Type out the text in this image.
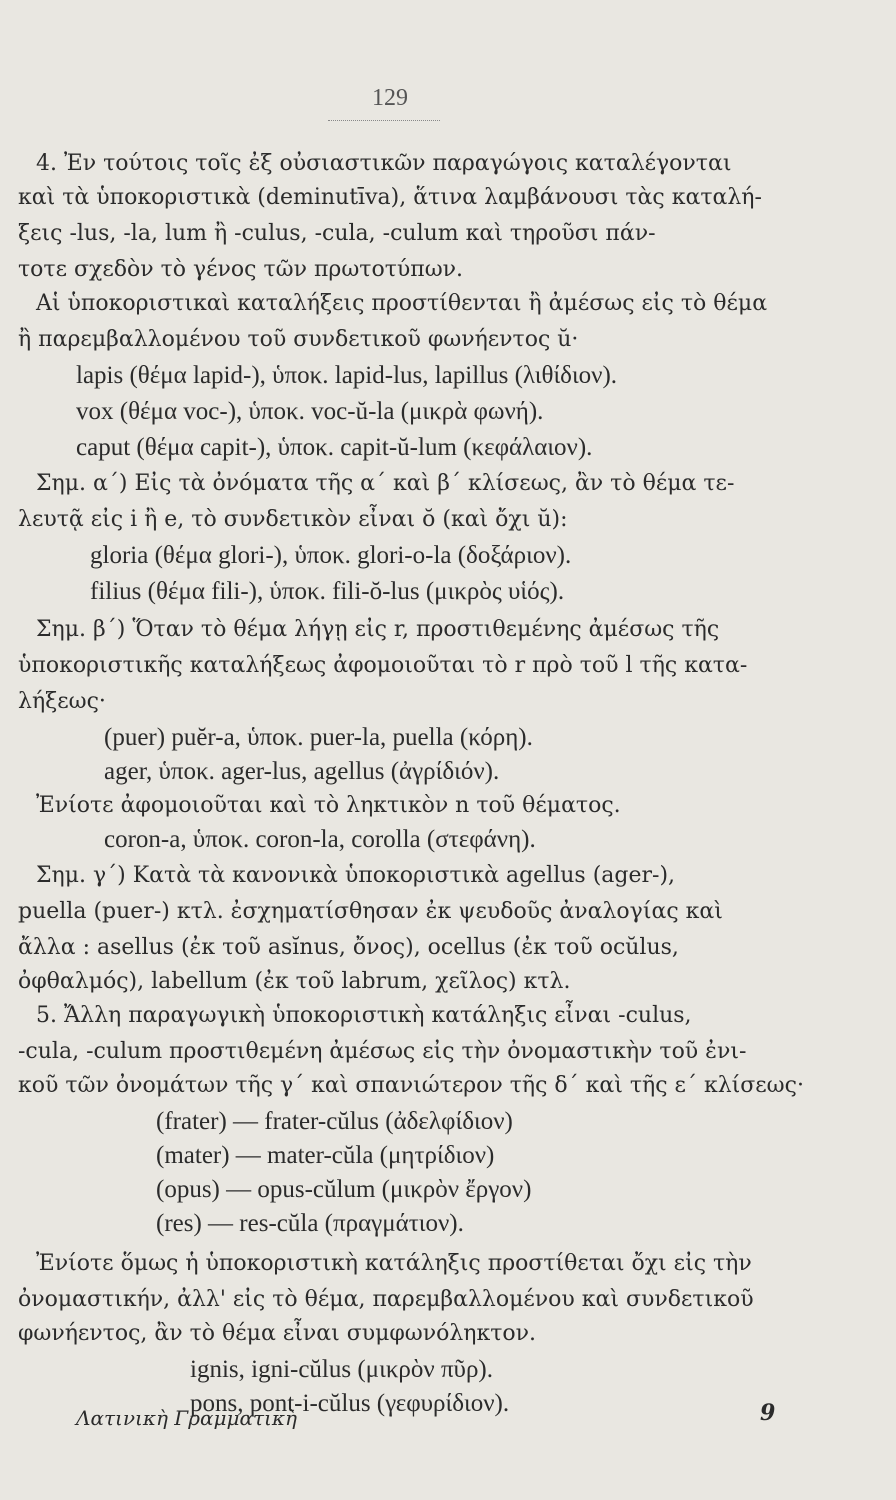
129
4. Ἐν τούτοις τοῖς ἐξ οὐσιαστικῶν παραγώγοις καταλέγονται
καὶ τὰ ὑποκοριστικὰ (deminutīva), ἅτινα λαμβάνουσι τὰς καταλή-
ξεις -lus, -la, lum ἢ -culus, -cula, -culum καὶ τηροῦσι πάν-
τοτε σχεδὸν τὸ γένος τῶν πρωτοτύπων.
Αἱ ὑποκοριστικαὶ καταλήξεις προστίθενται ἢ ἀμέσως εἰς τὸ θέμα
ἢ παρεμβαλλομένου τοῦ συνδετικοῦ φωνήεντος ŭ·
lapis (θέμα lapid-), ὑποκ. lapid-lus, lapillus (λιθίδιον).
vox (θέμα voc-), ὑποκ. voc-ŭ-la (μικρὰ φωνή).
caput (θέμα capit-), ὑποκ. capit-ŭ-lum (κεφάλαιον).
Σημ. α΄) Εἰς τὰ ὀνόματα τῆς α΄ καὶ β΄ κλίσεως, ἂν τὸ θέμα τε-
λευτᾷ εἰς i ἢ e, τὸ συνδετικὸν εἶναι ŏ (καὶ ὄχι ŭ):
gloria (θέμα glori-), ὑποκ. glori-o-la (δοξάριον).
filius (θέμα fili-), ὑποκ. fili-ŏ-lus (μικρὸς υἱός).
Σημ. β΄) Ὅταν τὸ θέμα λήγῃ εἰς r, προστιθεμένης ἀμέσως τῆς
ὑποκοριστικῆς καταλήξεως ἀφομοιοῦται τὸ r πρὸ τοῦ l τῆς κατα-
λήξεως·
(puer) puĕr-a, ὑποκ. puer-la, puella (κόρη).
ager, ὑποκ. ager-lus, agellus (ἀγρίδιόν).
Ἐνίοτε ἀφομοιοῦται καὶ τὸ ληκτικὸν n τοῦ θέματος.
coron-a, ὑποκ. coron-la, corolla (στεφάνη).
Σημ. γ΄) Κατὰ τὰ κανονικὰ ὑποκοριστικὰ agellus (ager-),
puella (puer-) κτλ. ἐσχηματίσθησαν ἐκ ψευδοῦς ἀναλογίας καὶ
ἄλλα : asellus (ἐκ τοῦ asĭnus, ὄνος), ocellus (ἐκ τοῦ ocŭlus,
ὀφθαλμός), labellum (ἐκ τοῦ labrum, χεῖλος) κτλ.
5. Ἄλλη παραγωγικὴ ὑποκοριστικὴ κατάληξις εἶναι -culus,
-cula, -culum προστιθεμένη ἀμέσως εἰς τὴν ὀνομαστικὴν τοῦ ἐνι-
κοῦ τῶν ὀνομάτων τῆς γ΄ καὶ σπανιώτερον τῆς δ΄ καὶ τῆς ε΄ κλίσεως·
(frater) — frater-cŭlus (ἀδελφίδιον)
(mater) — mater-cŭla (μητρίδιον)
(opus) — opus-cŭlum (μικρὸν ἔργον)
(res) — res-cŭla (πραγμάτιον).
Ἐνίοτε ὅμως ἡ ὑποκοριστικὴ κατάληξις προστίθεται ὄχι εἰς τὴν
ὀνομαστικήν, ἀλλ' εἰς τὸ θέμα, παρεμβαλλομένου καὶ συνδετικοῦ
φωνήεντος, ἂν τὸ θέμα εἶναι συμφωνόληκτον.
ignis, igni-cŭlus (μικρὸν πῦρ).
pons, pont-i-cŭlus (γεφυρίδιον).
Λατινικὴ Γραμματικὴ	9
